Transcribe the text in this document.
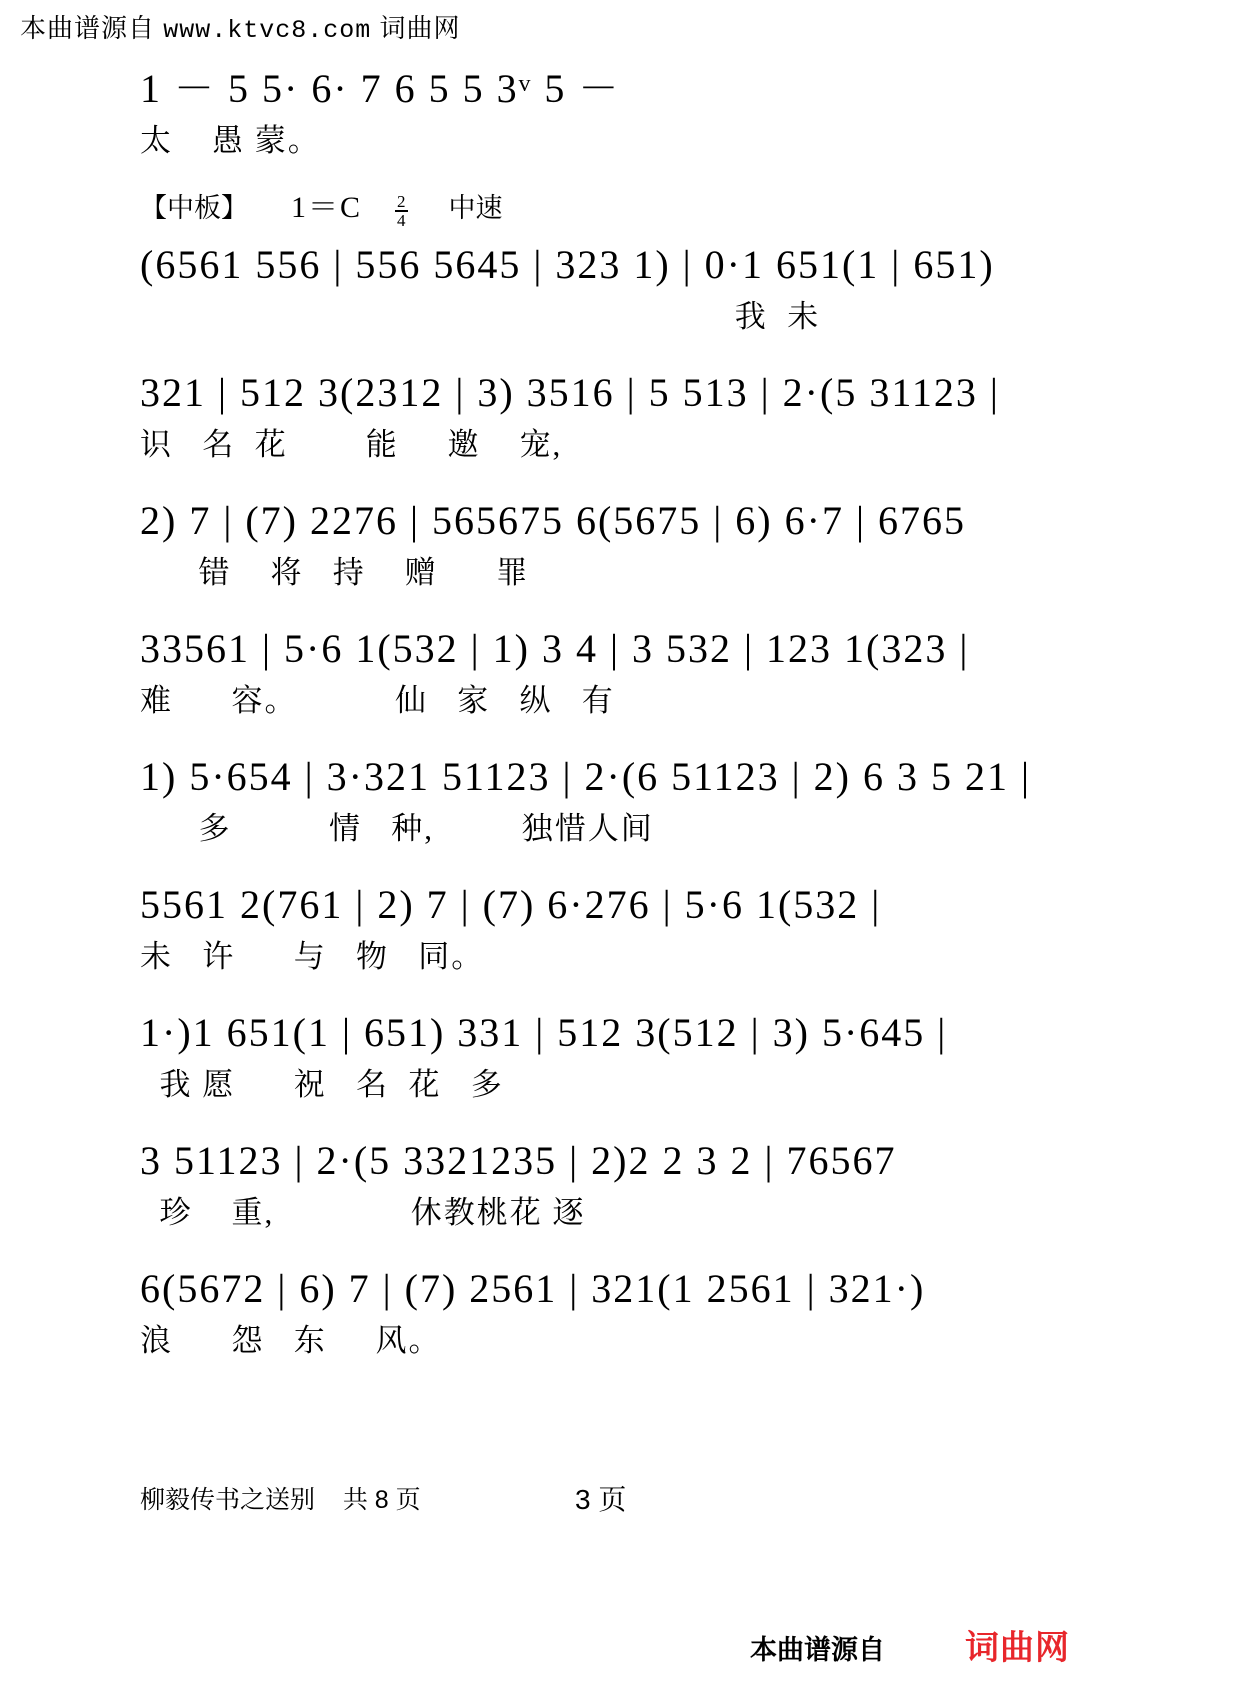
本曲谱源自 www.ktvc8.com 词曲网
1 － 5 5· 6· 7 6 5 5 3ᵛ 5 －
太    愚 蒙。
【中板】 $1=C \frac{2}{4}$ 中速
(6561 556 | 556 5645 | 323 1) | 0·1 651(1 | 651)
我  未
321 | 512 3(2312 | 3) 3516 | 5 513 | 2·(5 31123 |
识   名  花        能     邀    宠,
2) 7 | (7) 2276 | 565675 6(5675 | 6) 6·7 | 6765
错    将   持    赠      罪
33561 | 5·6 1(532 | 1) 3 4 | 3 532 | 123 1(323 |
难      容。          仙   家   纵   有
1) 5·654 | 3·321 51123 | 2·(6 51123 | 2) 6 3 5 21 |
多          情   种,         独惜人间
5561 2(761 | 2) 7 | (7) 6·276 | 5·6 1(532 |
未   许      与   物   同。
1·)1 651(1 | 651) 331 | 512 3(512 | 3) 5·645 |
我 愿      祝   名  花   多
3 51123 | 2·(5 3321235 | 2)2 2 3 2 | 76567
珍    重,              休教桃花 逐
6(5672 | 6) 7 | (7) 2561 | 321(1 2561 | 321·)
浪      怨   东     风。
柳毅传书之送别 共 8 页	3 页
本曲谱源自 词曲网
